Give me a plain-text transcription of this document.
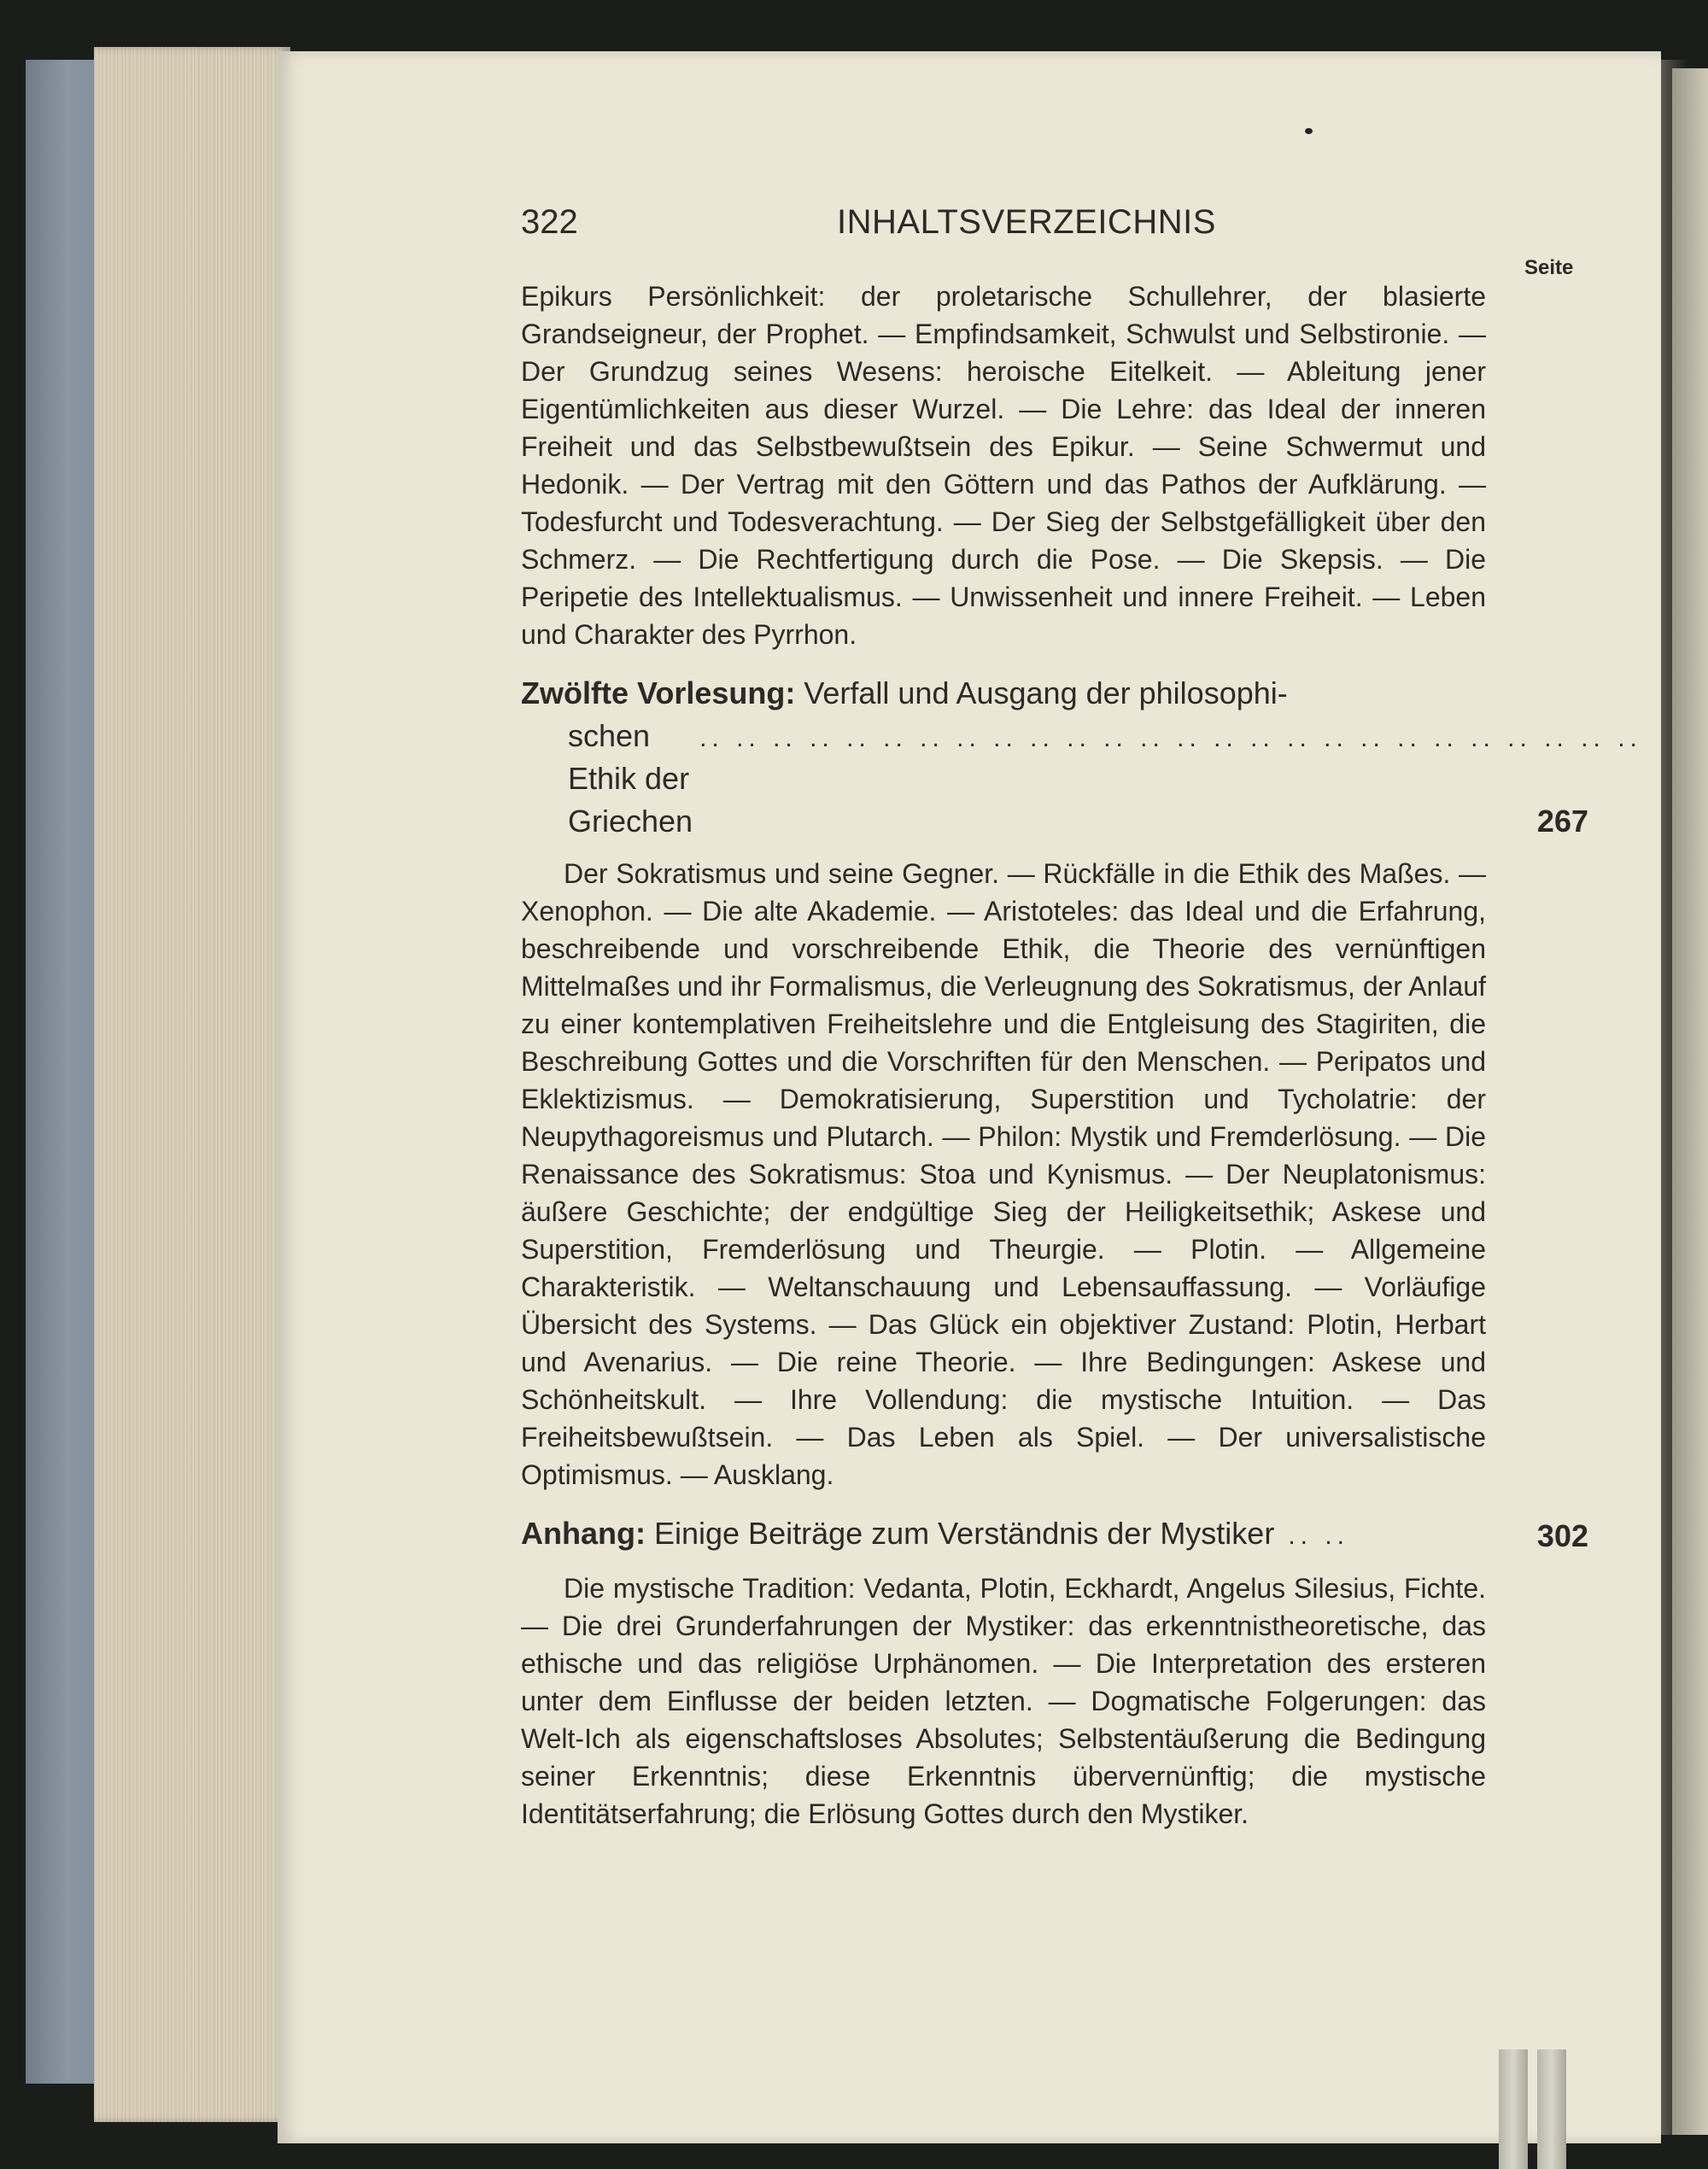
322	INHALTSVERZEICHNIS
Seite

Epikurs Persönlichkeit: der proletarische Schullehrer, der blasierte Grandseigneur, der Prophet. — Empfindsamkeit, Schwulst und Selbstironie. — Der Grundzug seines Wesens: heroische Eitelkeit. — Ableitung jener Eigentümlichkeiten aus dieser Wurzel. — Die Lehre: das Ideal der inneren Freiheit und das Selbstbewußtsein des Epikur. — Seine Schwermut und Hedonik. — Der Vertrag mit den Göttern und das Pathos der Aufklärung. — Todesfurcht und Todesverachtung. — Der Sieg der Selbstgefälligkeit über den Schmerz. — Die Rechtfertigung durch die Pose. — Die Skepsis. — Die Peripetie des Intellektualismus. — Unwissenheit und innere Freiheit. — Leben und Charakter des Pyrrhon.

Zwölfte Vorlesung: Verfall und Ausgang der philosophi-
schen Ethik der Griechen
.. .. .. .. .. .. .. .. .. .. .. .. .. .. .. .. .. .. .. .. .. .. .. .. .. ..
267

Der Sokratismus und seine Gegner. — Rückfälle in die Ethik des Maßes. — Xenophon. — Die alte Akademie. — Aristoteles: das Ideal und die Erfahrung, beschreibende und vorschreibende Ethik, die Theorie des vernünftigen Mittelmaßes und ihr Formalismus, die Verleugnung des Sokratismus, der Anlauf zu einer kontemplativen Freiheitslehre und die Entgleisung des Stagiriten, die Beschreibung Gottes und die Vorschriften für den Menschen. — Peripatos und Eklektizismus. — Demokratisierung, Superstition und Tycholatrie: der Neupythagoreismus und Plutarch. — Philon: Mystik und Fremderlösung. — Die Renaissance des Sokratismus: Stoa und Kynismus. — Der Neuplatonismus: äußere Geschichte; der endgültige Sieg der Heiligkeitsethik; Askese und Superstition, Fremderlösung und Theurgie. — Plotin. — Allgemeine Charakteristik. — Weltanschauung und Lebensauffassung. — Vorläufige Übersicht des Systems. — Das Glück ein objektiver Zustand: Plotin, Herbart und Avenarius. — Die reine Theorie. — Ihre Bedingungen: Askese und Schönheitskult. — Ihre Vollendung: die mystische Intuition. — Das Freiheitsbewußtsein. — Das Leben als Spiel. — Der universalistische Optimismus. — Ausklang.

Anhang: Einige Beiträge zum Verständnis der Mystiker .. ..	302

Die mystische Tradition: Vedanta, Plotin, Eckhardt, Angelus Silesius, Fichte. — Die drei Grunderfahrungen der Mystiker: das erkenntnistheoretische, das ethische und das religiöse Urphänomen. — Die Interpretation des ersteren unter dem Einflusse der beiden letzten. — Dogmatische Folgerungen: das Welt-Ich als eigenschaftsloses Absolutes; Selbstentäußerung die Bedingung seiner Erkenntnis; diese Erkenntnis übervernünftig; die mystische Identitätserfahrung; die Erlösung Gottes durch den Mystiker.
